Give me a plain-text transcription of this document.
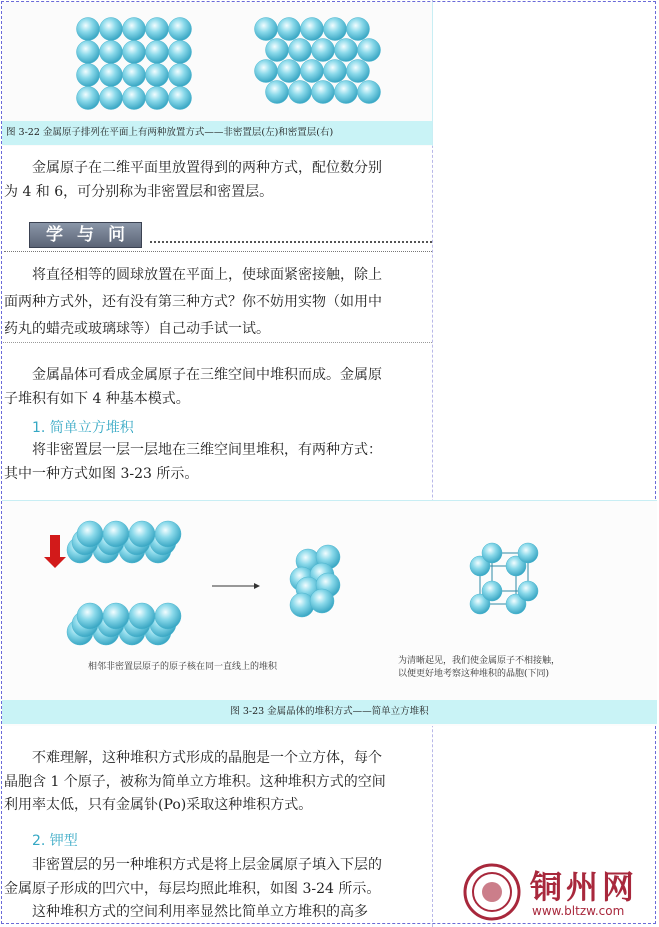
图 3-22 金属原子排列在平面上有两种放置方式——非密置层(左)和密置层(右)

金属原子在二维平面里放置得到的两种方式，配位数分别

为 4 和 6，可分别称为非密置层和密置层。

学与问

将直径相等的圆球放置在平面上，使球面紧密接触，除上

面两种方式外，还有没有第三种方式？你不妨用实物（如用中

药丸的蜡壳或玻璃球等）自己动手试一试。

金属晶体可看成金属原子在三维空间中堆积而成。金属原

子堆积有如下 4 种基本模式。

1. 简单立方堆积

将非密置层一层一层地在三维空间里堆积，有两种方式：

其中一种方式如图 3-23 所示。

相邻非密置层原子的原子核在同一直线上的堆积
为清晰起见，我们使金属原子不相接触，
以便更好地考察这种堆积的晶胞(下同)
图 3-23 金属晶体的堆积方式——简单立方堆积

不难理解，这种堆积方式形成的晶胞是一个立方体，每个

晶胞含 1 个原子，被称为简单立方堆积。这种堆积方式的空间

利用率太低，只有金属钋(Po)采取这种堆积方式。

2. 钾型

非密置层的另一种堆积方式是将上层金属原子填入下层的

金属原子形成的凹穴中，每层均照此堆积，如图 3-24 所示。

这种堆积方式的空间利用率显然比简单立方堆积的高多

铜州网
www.bltzw.com
